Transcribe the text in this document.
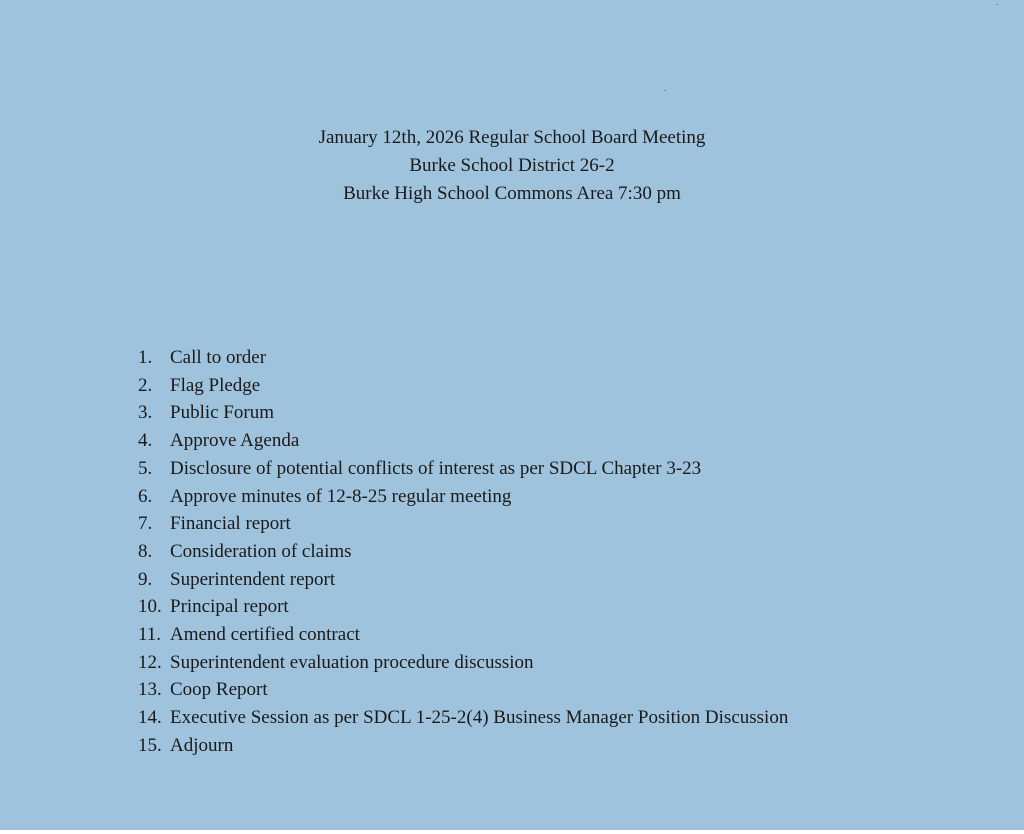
January 12th, 2026 Regular School Board Meeting
Burke School District 26-2
Burke High School Commons Area 7:30 pm
1. Call to order
2. Flag Pledge
3. Public Forum
4. Approve Agenda
5. Disclosure of potential conflicts of interest as per SDCL Chapter 3-23
6. Approve minutes of 12-8-25 regular meeting
7. Financial report
8. Consideration of claims
9. Superintendent report
10. Principal report
11. Amend certified contract
12. Superintendent evaluation procedure discussion
13. Coop Report
14. Executive Session as per SDCL 1-25-2(4) Business Manager Position Discussion
15. Adjourn
